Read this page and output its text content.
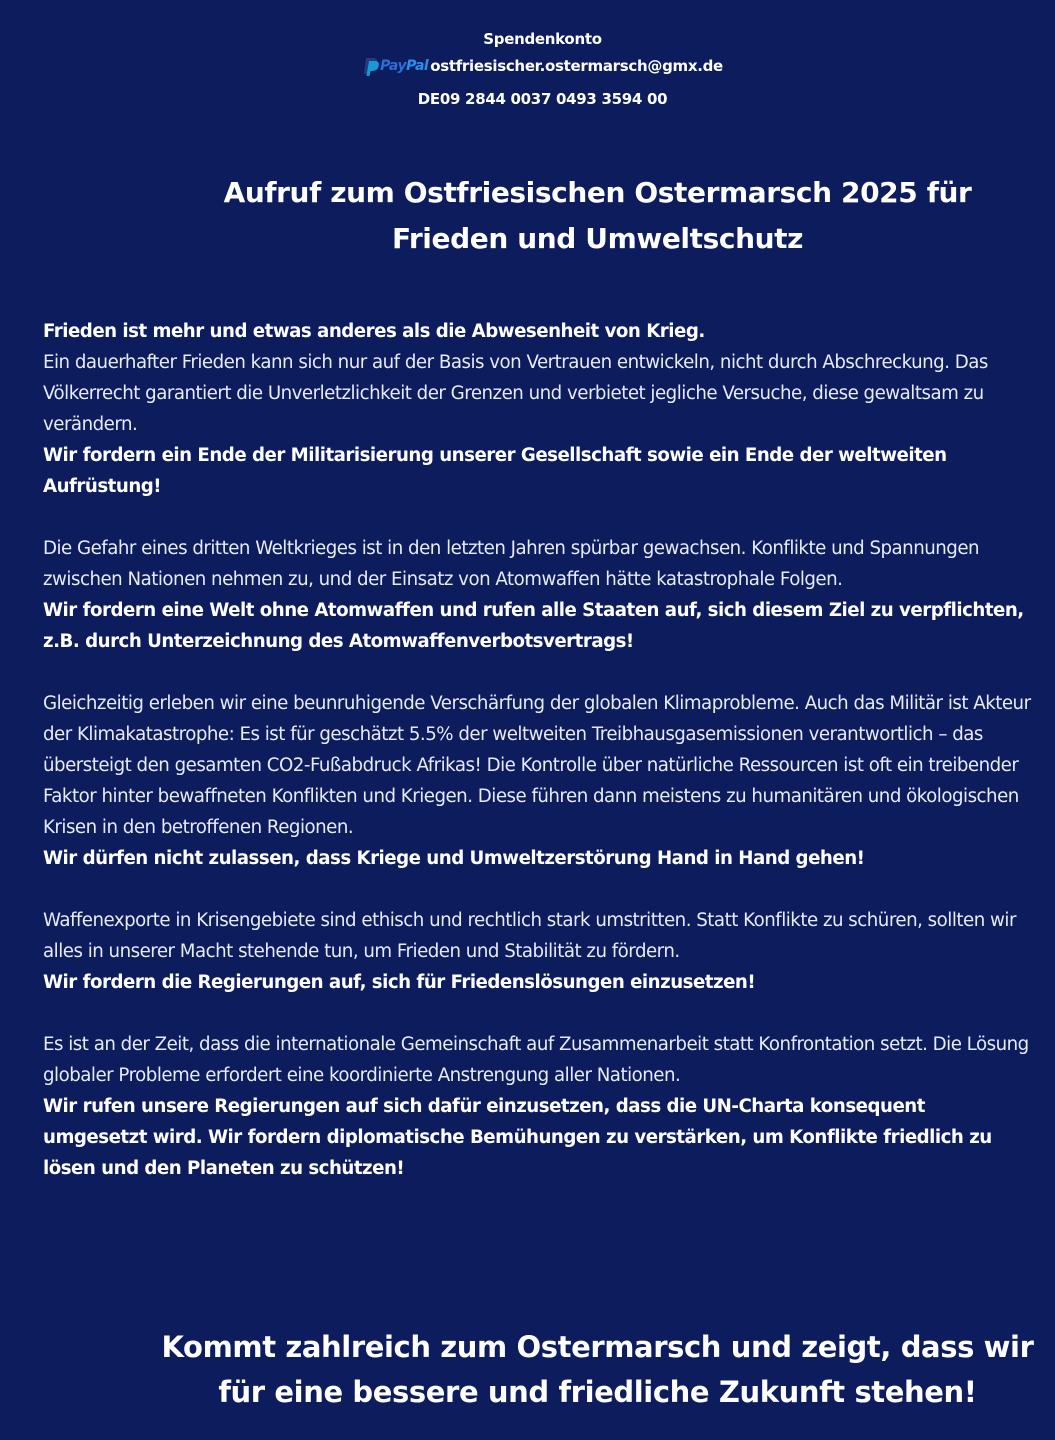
Spendenkonto
PayPal ostfriesischer.ostermarsch@gmx.de
DE09 2844 0037 0493 3594 00
Aufruf zum Ostfriesischen Ostermarsch 2025 für
Frieden und Umweltschutz

Frieden ist mehr und etwas anderes als die Abwesenheit von Krieg.

Ein dauerhafter Frieden kann sich nur auf der Basis von Vertrauen entwickeln, nicht durch Abschreckung. Das Völkerrecht garantiert die Unverletzlichkeit der Grenzen und verbietet jegliche Versuche, diese gewaltsam zu verändern.

Wir fordern ein Ende der Militarisierung unserer Gesellschaft sowie ein Ende der weltweiten Aufrüstung!

Die Gefahr eines dritten Weltkrieges ist in den letzten Jahren spürbar gewachsen. Konflikte und Spannungen zwischen Nationen nehmen zu, und der Einsatz von Atomwaffen hätte katastrophale Folgen.

Wir fordern eine Welt ohne Atomwaffen und rufen alle Staaten auf, sich diesem Ziel zu verpflichten, z.B. durch Unterzeichnung des Atomwaffenverbotsvertrags!

Gleichzeitig erleben wir eine beunruhigende Verschärfung der globalen Klimaprobleme. Auch das Militär ist Akteur der Klimakatastrophe: Es ist für geschätzt 5.5% der weltweiten Treibhausgasemissionen verantwortlich – das übersteigt den gesamten CO2-Fußabdruck Afrikas! Die Kontrolle über natürliche Ressourcen ist oft ein treibender Faktor hinter bewaffneten Konflikten und Kriegen. Diese führen dann meistens zu humanitären und ökologischen Krisen in den betroffenen Regionen.

Wir dürfen nicht zulassen, dass Kriege und Umweltzerstörung Hand in Hand gehen!

Waffenexporte in Krisengebiete sind ethisch und rechtlich stark umstritten. Statt Konflikte zu schüren, sollten wir alles in unserer Macht stehende tun, um Frieden und Stabilität zu fördern.

Wir fordern die Regierungen auf, sich für Friedenslösungen einzusetzen!

Es ist an der Zeit, dass die internationale Gemeinschaft auf Zusammenarbeit statt Konfrontation setzt. Die Lösung globaler Probleme erfordert eine koordinierte Anstrengung aller Nationen.

Wir rufen unsere Regierungen auf sich dafür einzusetzen, dass die UN-Charta konsequent umgesetzt wird. Wir fordern diplomatische Bemühungen zu verstärken, um Konflikte friedlich zu lösen und den Planeten zu schützen!

Kommt zahlreich zum Ostermarsch und zeigt, dass wir
für eine bessere und friedliche Zukunft stehen!
